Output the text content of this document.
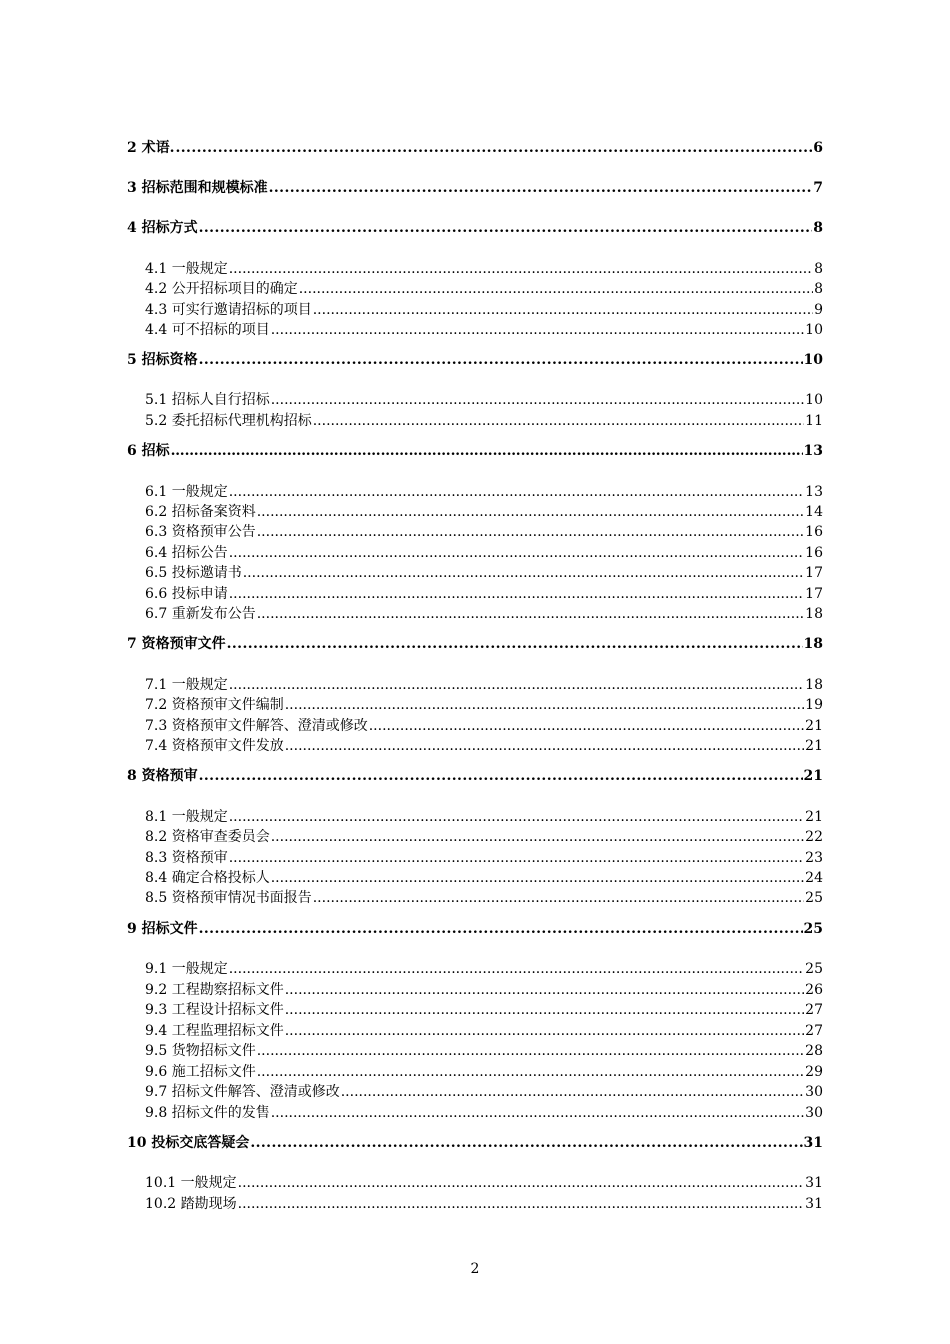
2 术语. .....	6
3 招标范围和规模标准 .....	7
4 招标方式 .....	8
4.1 一般规定 .....	8
4.2 公开招标项目的确定 .....	8
4.3 可实行邀请招标的项目 .....	9
4.4 可不招标的项目 .....	10
5 招标资格 .....	10
5.1 招标人自行招标 .....	10
5.2 委托招标代理机构招标 .....	11
6 招标 ……………………………………………………………………………………………………………………………………………………	13
6.1 一般规定 .....	13
6.2 招标备案资料 .....	14
6.3 资格预审公告 .....	16
6.4 招标公告 .....	16
6.5 投标邀请书 .....	17
6.6 投标申请 .....	17
6.7 重新发布公告 .....	18
7 资格预审文件 .....	18
7.1 一般规定 .....	18
7.2 资格预审文件编制 .....	19
7.3 资格预审文件解答、澄清或修改 .....	21
7.4 资格预审文件发放 .....	21
8 资格预审 .....	21
8.1 一般规定 .....	21
8.2 资格审查委员会 .....	22
8.3 资格预审 .....	23
8.4 确定合格投标人 .....	24
8.5 资格预审情况书面报告 .....	25
9 招标文件 .....	25
9.1 一般规定 .....	25
9.2 工程勘察招标文件 .....	26
9.3 工程设计招标文件 .....	27
9.4 工程监理招标文件 .....	27
9.5 货物招标文件 .....	28
9.6 施工招标文件 .....	29
9.7 招标文件解答、澄清或修改 .....	30
9.8 招标文件的发售 .....	30
10 投标交底答疑会 .....	31
10.1 一般规定 .....	31
10.2 踏勘现场 .....	31
2
